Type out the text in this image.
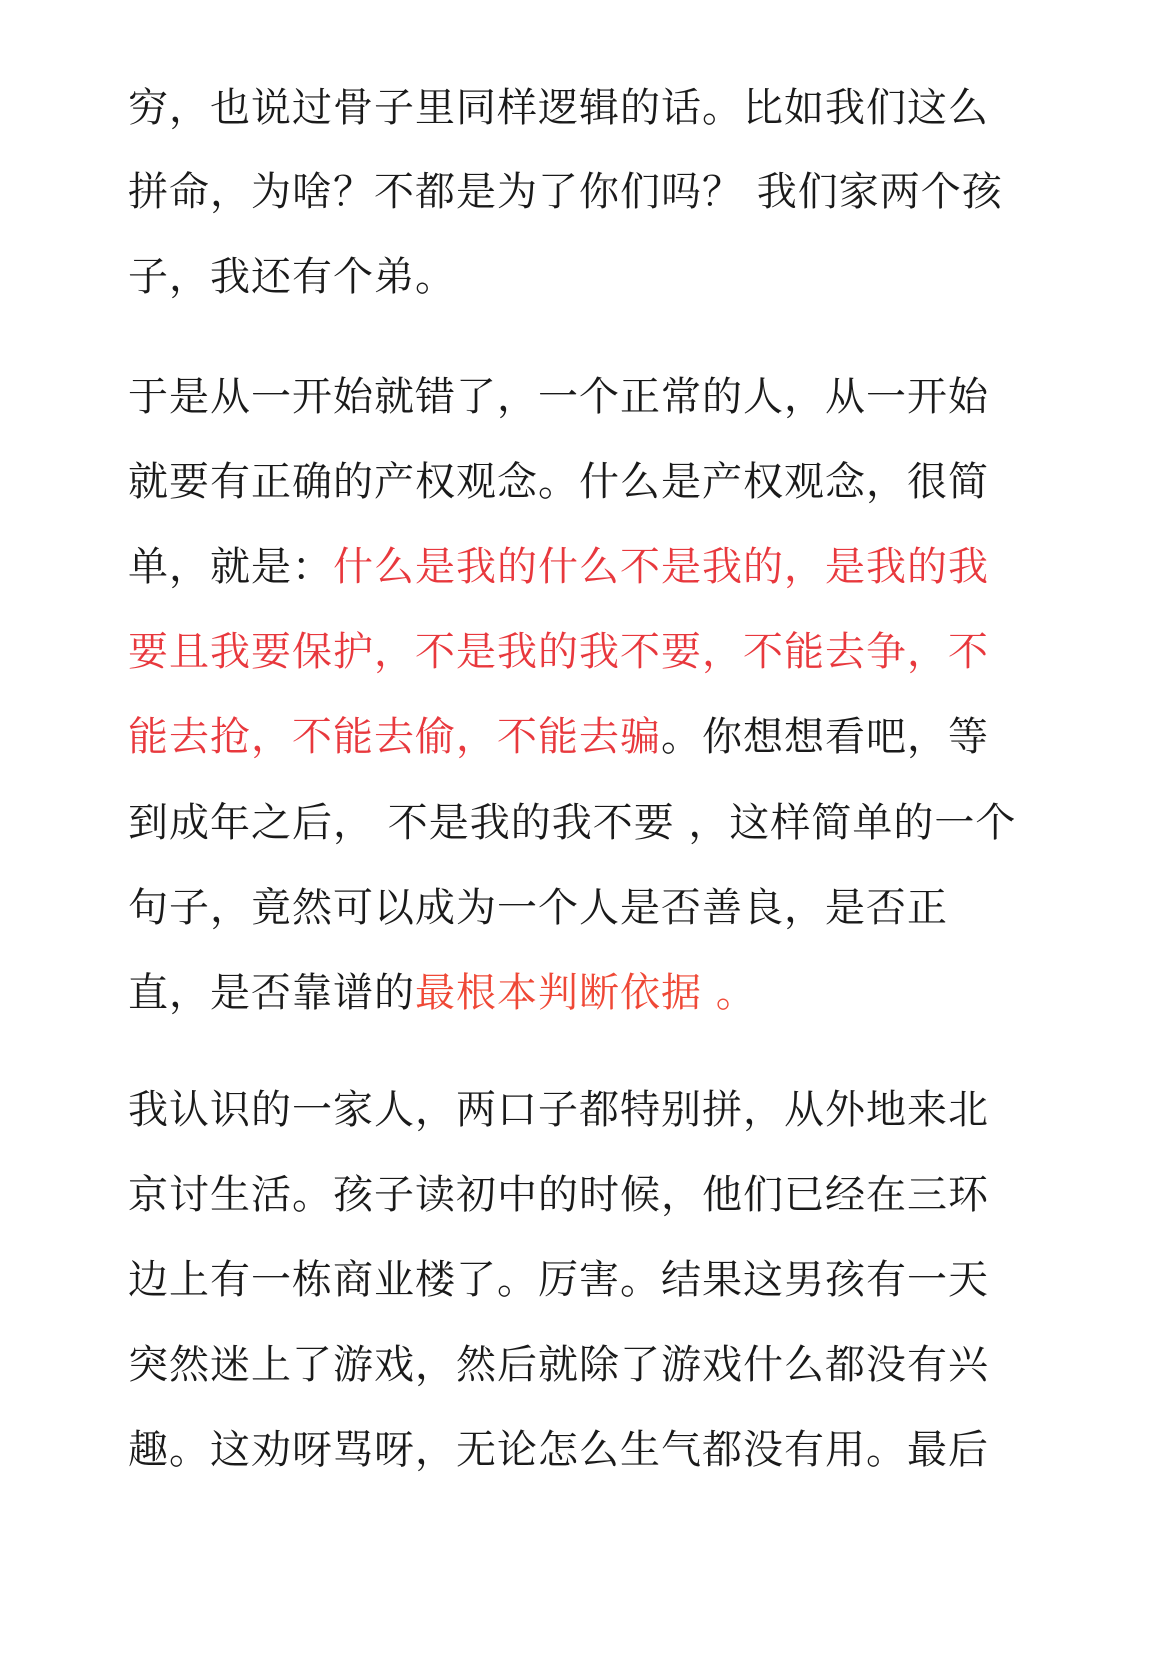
穷，也说过骨子里同样逻辑的话。比如我们这么
拼命，为啥？不都是为了你们吗？ 我们家两个孩
子，我还有个弟。
于是从一开始就错了，一个正常的人，从一开始
就要有正确的产权观念。什么是产权观念，很简
单，就是：什么是我的什么不是我的，是我的我
要且我要保护，不是我的我不要，不能去争，不
能去抢，不能去偷，不能去骗。你想想看吧，等
到成年之后， 不是我的我不要 ，这样简单的一个
句子，竟然可以成为一个人是否善良，是否正
直，是否靠谱的最根本判断依据 。
我认识的一家人，两口子都特别拼，从外地来北
京讨生活。孩子读初中的时候，他们已经在三环
边上有一栋商业楼了。厉害。结果这男孩有一天
突然迷上了游戏，然后就除了游戏什么都没有兴
趣。这劝呀骂呀，无论怎么生气都没有用。最后
